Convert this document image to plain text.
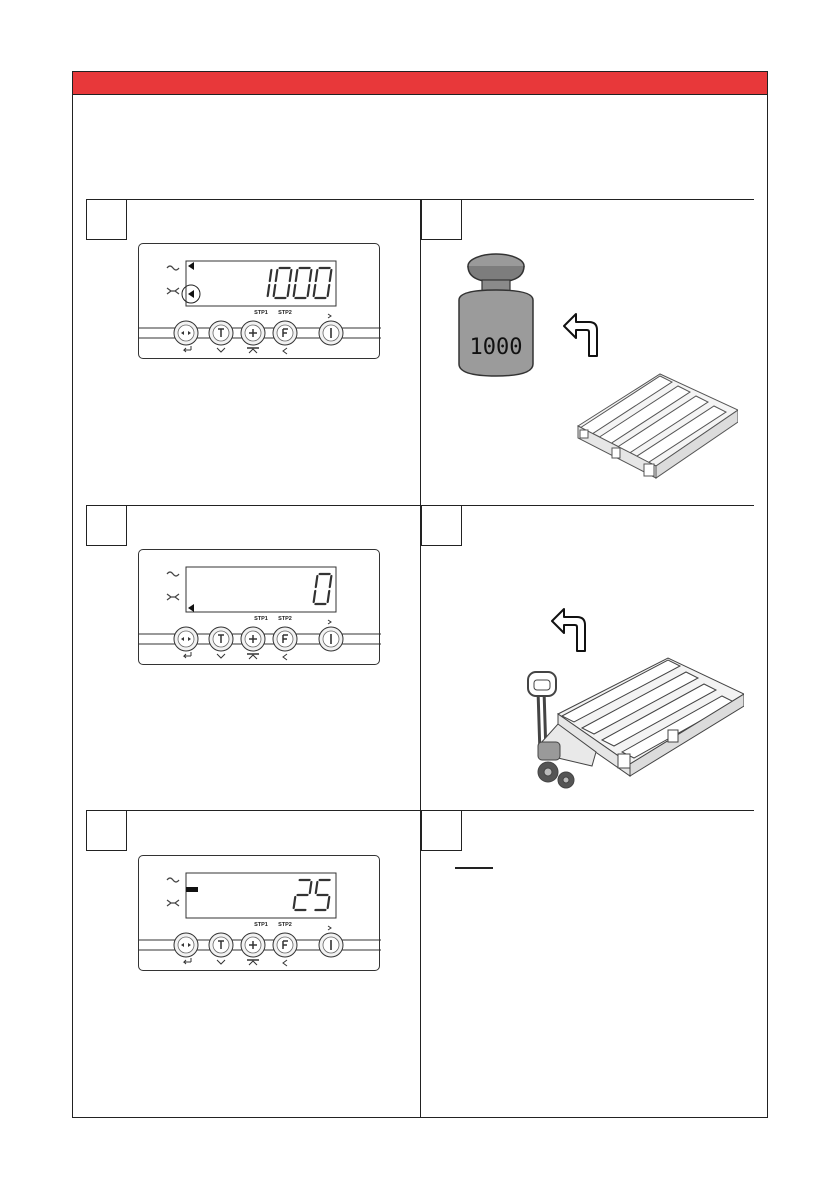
STP1 STP2
STP1 STP2
STP1 STP2
1000
